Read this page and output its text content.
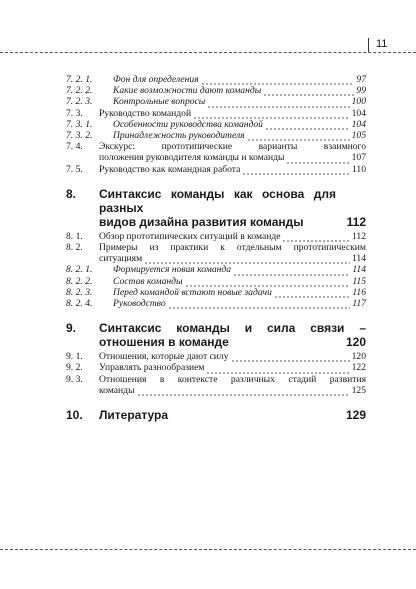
11
7. 2. 1. Фон для определения	97
7. 2. 2. Какие возможности дают команды	99
7. 2. 3. Контрольные вопросы	100
7. 3. Руководство командой	104
7. 3. 1. Особенности руководства командой	104
7. 3. 2. Принадлежность руководителя	105
7. 4. Экскурс: прототипические варианты взаимного
положения руководителя команды и команды	107
7. 5. Руководство как командная работа	110
8. Синтаксис команды как основа для разных
видов дизайна развития команды	112
8. 1. Обзор прототипических ситуаций в команде	112
8. 2. Примеры из практики к отдельным прототипическим
ситуациям	114
8. 2. 1. Формируется новая команда	114
8. 2. 2. Состав команды	115
8. 2. 3. Перед командой встают новые задачи	116
8. 2. 4. Руководство	117
9. Синтаксис команды и сила связи –
отношения в команде	120
9. 1. Отношения, которые дают силу	120
9. 2. Управлять разнообразием	122
9. 3. Отношения в контексте различных стадий развития
команды	125
10. Литература	129
